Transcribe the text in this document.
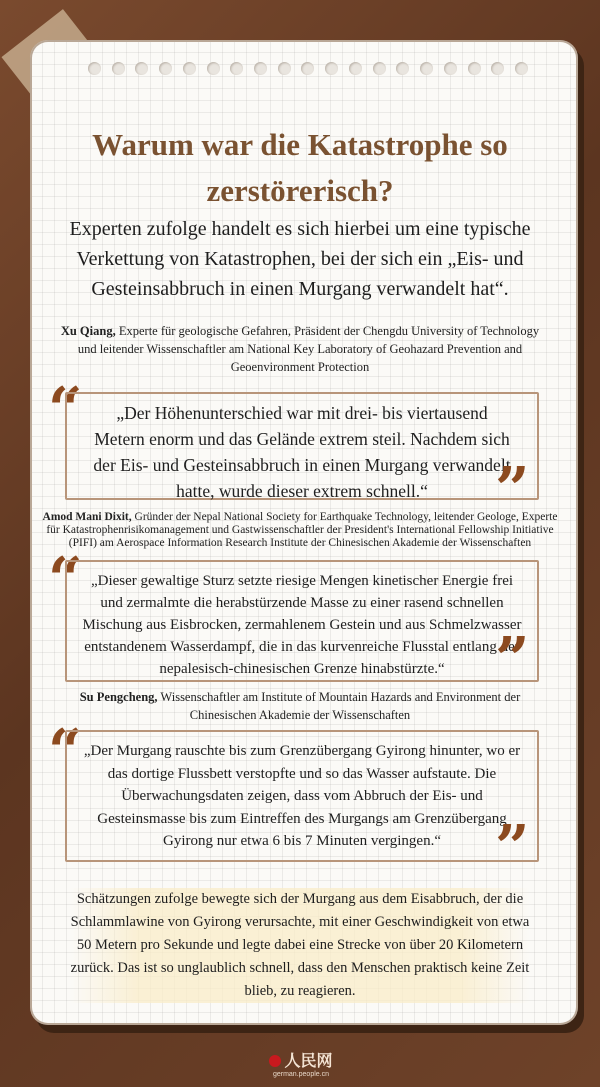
Warum war die Katastrophe so zerstörerisch?
Experten zufolge handelt es sich hierbei um eine typische Verkettung von Katastrophen, bei der sich ein „Eis- und Gesteinsabbruch in einen Murgang verwandelt hat“.
Xu Qiang, Experte für geologische Gefahren, Präsident der Chengdu University of Technology und leitender Wissenschaftler am National Key Laboratory of Geohazard Prevention and Geoenvironment Protection
“	„Der Höhenunterschied war mit drei- bis viertausend Metern enorm und das Gelände extrem steil. Nachdem sich der Eis- und Gesteinsabbruch in einen Murgang verwandelt hatte, wurde dieser extrem schnell.“	”
Amod Mani Dixit, Gründer der Nepal National Society for Earthquake Technology, leitender Geologe, Experte für Katastrophenrisikomanagement und Gastwissenschaftler der President's International Fellowship Initiative (PIFI) am Aerospace Information Research Institute der Chinesischen Akademie der Wissenschaften
“ „Dieser gewaltige Sturz setzte riesige Mengen kinetischer Energie frei und zermalmte die herabstürzende Masse zu einer rasend schnellen Mischung aus Eisbrocken, zermahlenem Gestein und aus Schmelzwasser entstandenem Wasserdampf, die in das kurvenreiche Flusstal entlang der nepalesisch-chinesischen Grenze hinabstürzte.“ ”
Su Pengcheng, Wissenschaftler am Institute of Mountain Hazards and Environment der Chinesischen Akademie der Wissenschaften
“ „Der Murgang rauschte bis zum Grenzübergang Gyirong hinunter, wo er das dortige Flussbett verstopfte und so das Wasser aufstaute. Die Überwachungsdaten zeigen, dass vom Abbruch der Eis- und Gesteinsmasse bis zum Eintreffen des Murgangs am Grenzübergang Gyirong nur etwa 6 bis 7 Minuten vergingen.“ ”
Schätzungen zufolge bewegte sich der Murgang aus dem Eisabbruch, der die Schlammlawine von Gyirong verursachte, mit einer Geschwindigkeit von etwa 50 Metern pro Sekunde und legte dabei eine Strecke von über 20 Kilometern zurück. Das ist so unglaublich schnell, dass den Menschen praktisch keine Zeit blieb, zu reagieren.
人民网
german.people.cn
